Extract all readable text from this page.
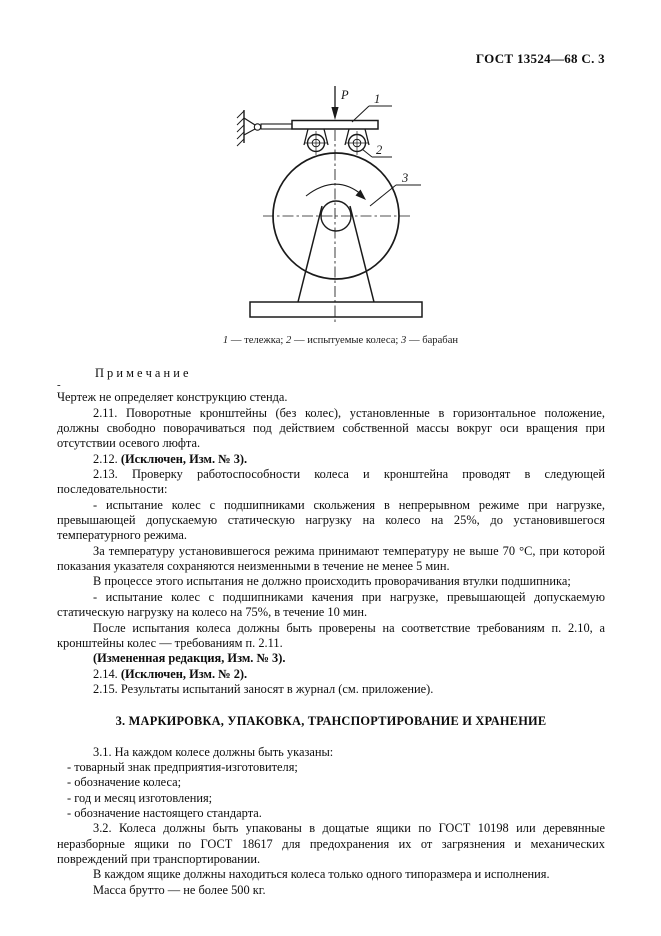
ГОСТ 13524—68 С. 3
P 1
2
3
1 — тележка; 2 — испытуемые колеса; 3 — барабан

П р и м е ч а н и е

-

Чертеж не определяет конструкцию стенда.

2.11. Поворотные кронштейны (без колес), установленные в горизонтальное положение, должны свободно поворачиваться под действием собственной массы вокруг оси вращения при отсутствии осевого люфта.

2.12. (Исключен, Изм. № 3).

2.13. Проверку работоспособности колеса и кронштейна проводят в следующей последовательности:

- испытание колес с подшипниками скольжения в непрерывном режиме при нагрузке, превышающей допускаемую статическую нагрузку на колесо на 25%, до установившегося температурного режима.

За температуру установившегося режима принимают температуру не выше 70 °С, при которой показания указателя сохраняются неизменными в течение не менее 5 мин.

В процессе этого испытания не должно происходить проворачивания втулки подшипника;

- испытание колес с подшипниками качения при нагрузке, превышающей допускаемую статическую нагрузку на колесо на 75%, в течение 10 мин.

После испытания колеса должны быть проверены на соответствие требованиям п. 2.10, а кронштейны колес — требованиям п. 2.11.

(Измененная редакция, Изм. № 3).

2.14. (Исключен, Изм. № 2).

2.15. Результаты испытаний заносят в журнал (см. приложение).

3. МАРКИРОВКА, УПАКОВКА, ТРАНСПОРТИРОВАНИЕ И ХРАНЕНИЕ

3.1. На каждом колесе должны быть указаны:

- товарный знак предприятия-изготовителя;

- обозначение колеса;

- год и месяц изготовления;

- обозначение настоящего стандарта.

3.2. Колеса должны быть упакованы в дощатые ящики по ГОСТ 10198 или деревянные неразборные ящики по ГОСТ 18617 для предохранения их от загрязнения и механических повреждений при транспортировании.

В каждом ящике должны находиться колеса только одного типоразмера и исполнения.

Масса брутто — не более 500 кг.
